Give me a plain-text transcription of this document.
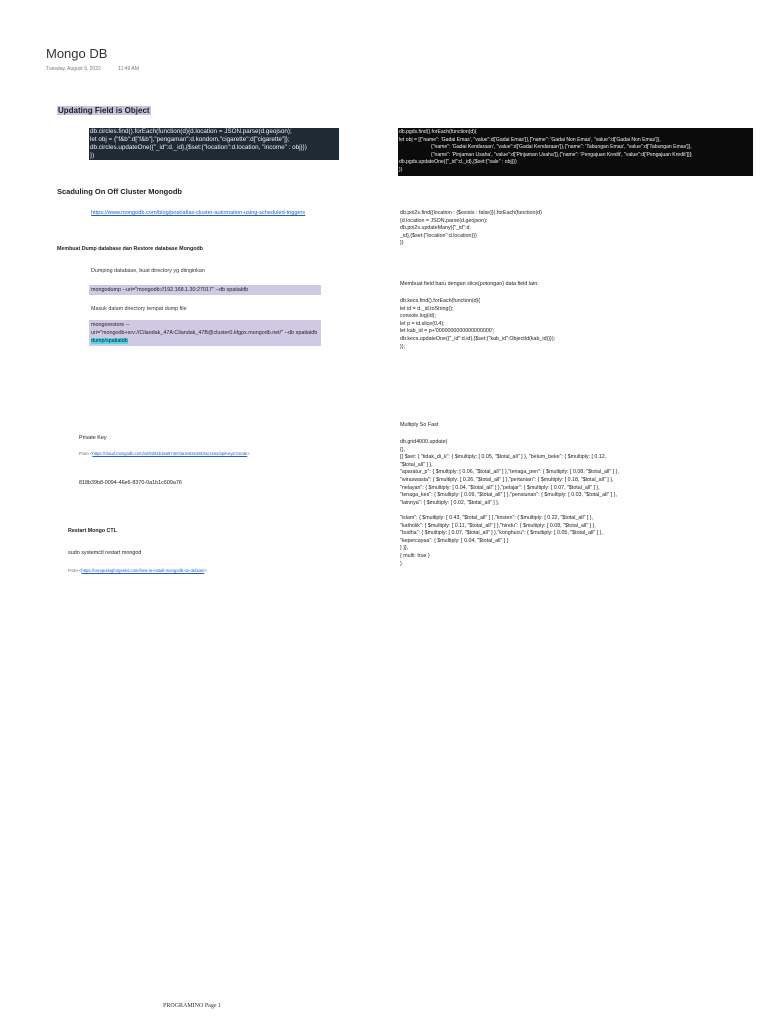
Mongo DB
Tuesday, August 9, 2022	11:49 AM
Updating Field is Object
db.circles.find().forEach(function(d){d.location = JSON.parse(d.geojson);
let obj = {"f&b":d["f&b"],"pengaman":d.kondom,"cigarette":d["cigarette"]};
db.circles.updateOne({"_id":d._id},{$set:{"location":d.location, "income" : obj}})
})
Scaduling On Off Cluster Mongodb
https://www.mongodb.com/blog/post/atlas-cluster-automation-using-scheduled-triggers
Membuat Dump database dan Restore database Mongodb
Dumping database, buat directory yg diinginkan
mongodump --uri="mongodb://192.168.1.30:27017" --db spatialdb
Masuk dalam directory tempat dump file
mongorestore --uri="mongodb+srv://Cilandak_47A:Cilandak_47B@cluster0.kfgpx.mongodb.net/" --db spatialdb dump/spatialdb
Private Key
From <https://cloud.mongodb.com/v2/6291b16a574e03a2e82e281#access/apiKeys/create>
818b39b8-0094-46e6-8370-0a1b1c609a76
Restart Mongo CTL
sudo systemctl restart mongod
From <https://computingforgeeks.com/how-to-install-mongodb-on-debian/>
db.pgds.find().forEach(function(d){
let obj = [{"name": 'Gadai Emas', "value":d['Gadai Emas']},{"name": 'Gadai Non Emas', "value":d['Gadai Non Emas']},
{"name": 'Gadai Kendaraan', "value":d['Gadai Kendaraan']},{"name": 'Tabungan Emas', "value":d['Tabungan Emas']},
{"name": 'Pinjaman Usaha', "value":d['Pinjaman Usaha']},{"name": 'Pengajuan Kredit', "value":d['Pengajuan Kredit']}];
db.pgds.updateOne({"_id":d._id},{$set:{"sale" : obj}})
})
db.poi2s.find({location : {$exists : false}}).forEach(function(d)
{d.location = JSON.parse(d.geojson);
db.poi2s.updateMany({"_id":d.
_id},{$set:{"location":d.location}})
})
Membuat field baru dengan slice(potongan) data field lain:
db.kecs.find().forEach(function(d){
let id = d._id.toString();
console.log(id);
let p = id.slice(0,4);
let kab_id = p+'0000000000000000000';
db.kecs.updateOne({"_id":d.id},{$set:{"kab_id":ObjectId(kab_id)}});
});
Multiply So Fast
db.grid4000.update(
{},
[{ $set: { "tidak_di_k": { $multiply: [ 0.05, "$total_all" ] }, "belum_beke": { $multiply: [ 0.12,
"$total_all" ] },
"aparatur_p": { $multiply: [ 0.06, "$total_all" ] },"tenaga_pen": { $multiply: [ 0.08, "$total_all" ] },
"wiraswasta": { $multiply: [ 0.26, "$total_all" ] },"pertanian": { $multiply: [ 0.18, "$total_all" ] },
"nelayan": { $multiply: [ 0.04, "$total_all" ] },"pelajar": { $multiply: [ 0.07, "$total_all" ] },
"tenaga_kes": { $multiply: [ 0.09, "$total_all" ] },"pensiunan": { $multiply: [ 0.03, "$total_all" ] },
"lainnya": { $multiply: [ 0.02, "$total_all" ] },

"islam": { $multiply: [ 0.43, "$total_all" ] },"kristen": { $multiply: [ 0.22, "$total_all" ] },
"katholik": { $multiply: [ 0.11, "$total_all" ] },"hindu": { $multiply: [ 0.08, "$total_all" ] },
"budha": { $multiply: [ 0.07, "$total_all" ] },"konghucu": { $multiply: [ 0.05, "$total_all" ] },
"kepercayaa": { $multiply: [ 0.04, "$total_all" ] }
} }],
{ multi: true }
)
PROGRAMINO Page 1
